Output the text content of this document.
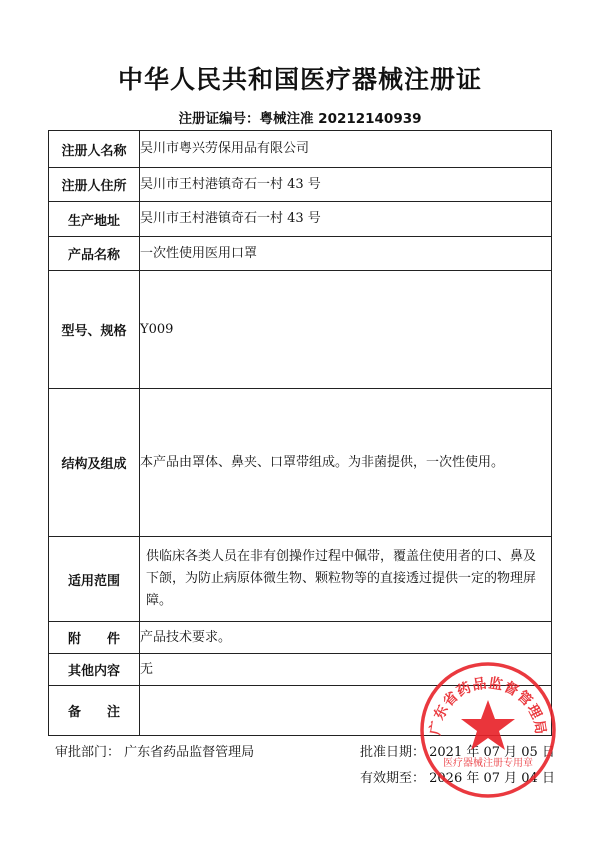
中华人民共和国医疗器械注册证
注册证编号：粤械注准 20212140939
注册人名称	吴川市粤兴劳保用品有限公司
注册人住所	吴川市王村港镇奇石一村 43 号
生产地址	吴川市王村港镇奇石一村 43 号
产品名称	一次性使用医用口罩
型号、规格	Y009
结构及组成	本产品由罩体、鼻夹、口罩带组成。为非菌提供，一次性使用。
适用范围	供临床各类人员在非有创操作过程中佩带，覆盖住使用者的口、鼻及下颌，为防止病原体微生物、颗粒物等的直接透过提供一定的物理屏障。
附　　件	产品技术要求。
其他内容	无
备　　注	
审批部门： 广东省药品监督管理局	批准日期： 2021 年 07 月 05 日
有效期至： 2026 年 07 月 04 日
广东省药品监督管理局
医疗器械注册专用章
